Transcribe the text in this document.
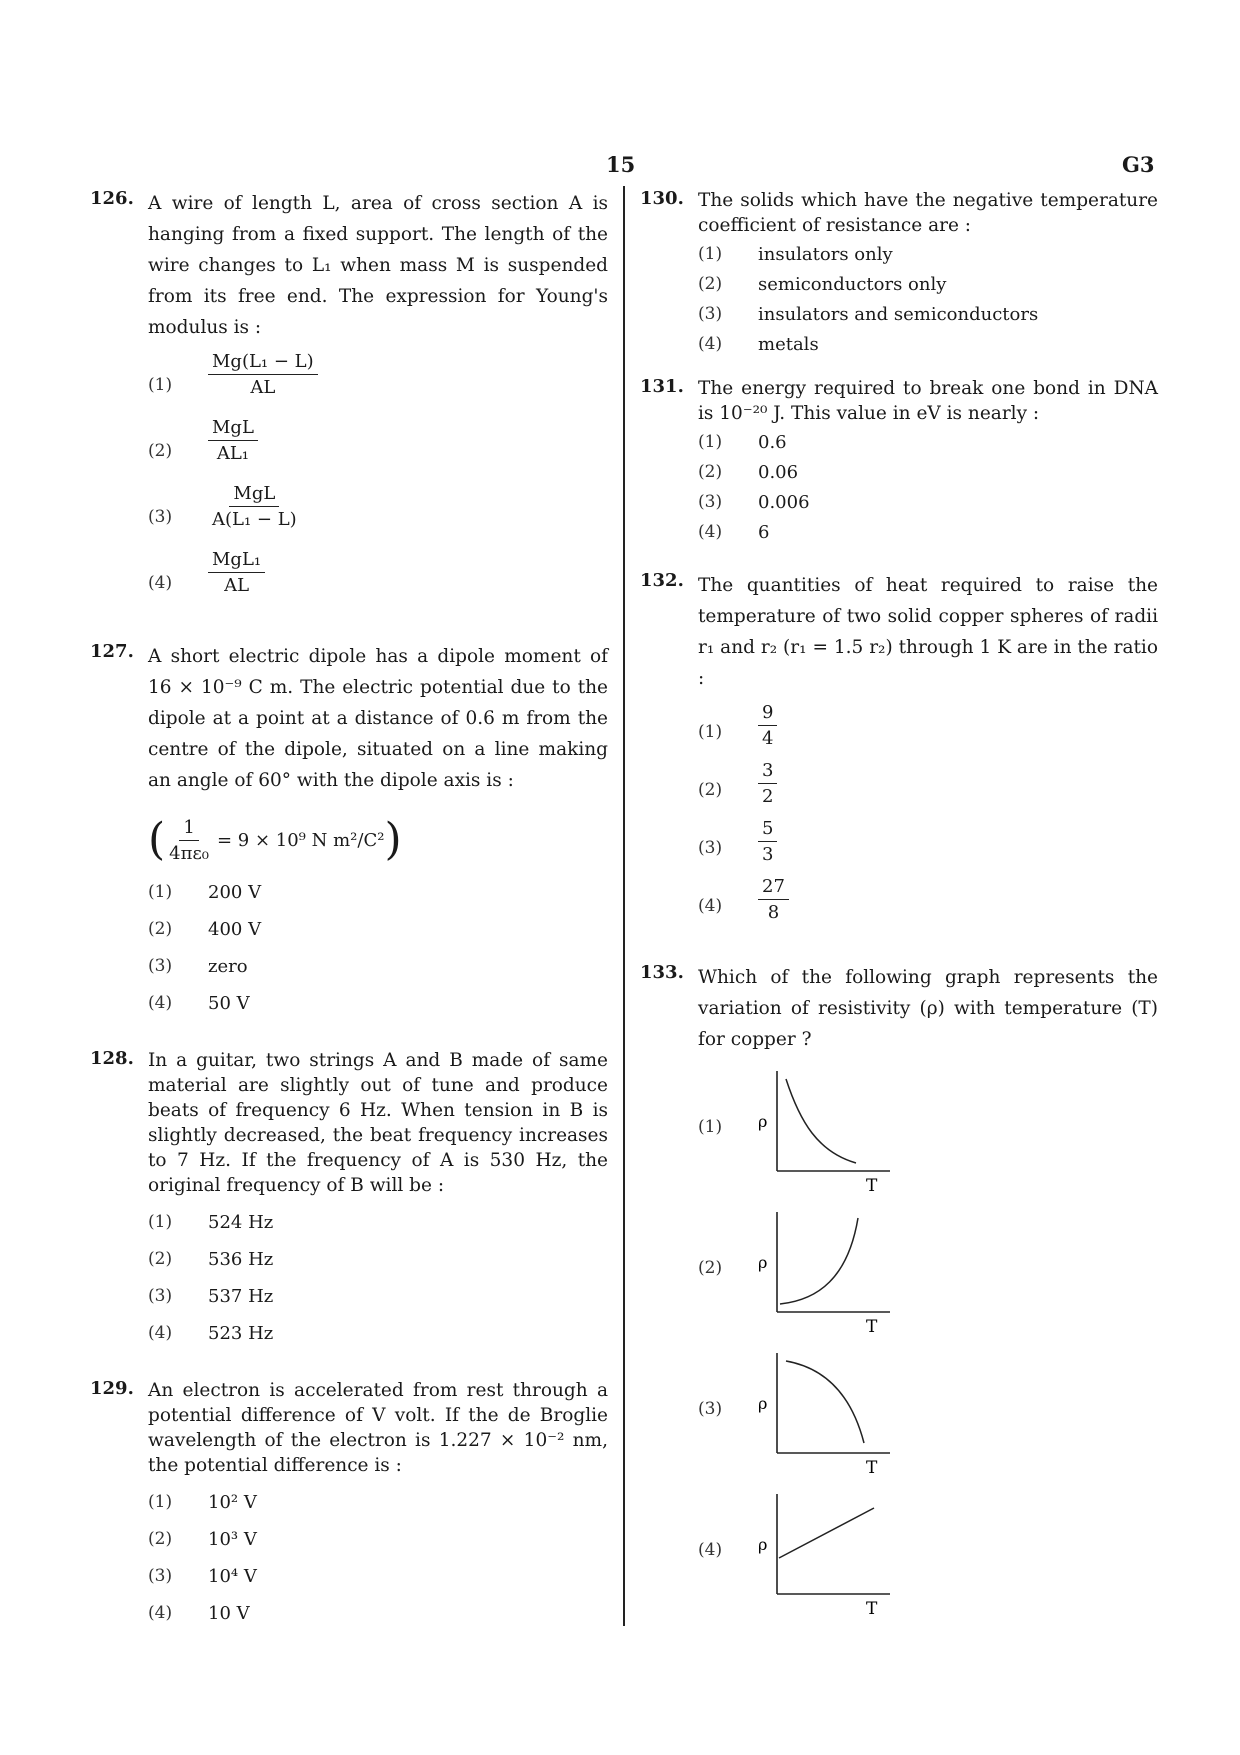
15	G3
126. A wire of length L, area of cross section A is hanging from a fixed support. The length of the wire changes to L₁ when mass M is suspended from its free end. The expression for Young's modulus is :
$(1) \frac{\text{Mg(L₁ − L)}}{AL}$
(2)
MgL
AL₁
(3)
MgL
A(L₁ − L)
(4)
MgL₁
AL
127. A short electric dipole has a dipole moment of 16 × 10⁻⁹ C m. The electric potential due to the dipole at a point at a distance of 0.6 m from the centre of the dipole, situated on a line making an angle of 60° with the dipole axis is :
( $\frac{1}{\text{4πε₀}} = 9 \times 10^9$ N m²/C² )
(1) 200 V
(2) 400 V
(3) zero
(4) 50 V
128. In a guitar, two strings A and B made of same material are slightly out of tune and produce beats of frequency 6 Hz. When tension in B is slightly decreased, the beat frequency increases to 7 Hz. If the frequency of A is 530 Hz, the original frequency of B will be :
(1) 524 Hz
(2) 536 Hz
(3) 537 Hz
(4) 523 Hz
129. An electron is accelerated from rest through a potential difference of V volt. If the de Broglie wavelength of the electron is 1.227 × 10⁻² nm, the potential difference is :
(1) 10² V
(2) 10³ V
(3) 10⁴ V
(4) 10 V
130. The solids which have the negative temperature coefficient of resistance are :
(1) insulators only
(2) semiconductors only
(3) insulators and semiconductors
(4) metals
131. The energy required to break one bond in DNA is 10⁻²⁰ J. This value in eV is nearly :
(1) 0.6
(2) 0.06
(3) 0.006
(4) 6
132. The quantities of heat required to raise the temperature of two solid copper spheres of radii r₁ and r₂ (r₁ = 1.5 r₂) through 1 K are in the ratio :
$(1) \frac{9}{4}$
$(2) \frac{3}{2}$
$(3) \frac{5}{3}$
$(4) \frac{27}{8}$
133. Which of the following graph represents the variation of resistivity (ρ) with temperature (T) for copper ?
(1) ρ
T
(2) ρ
T
(3) ρ
T
(4) ρ
T
